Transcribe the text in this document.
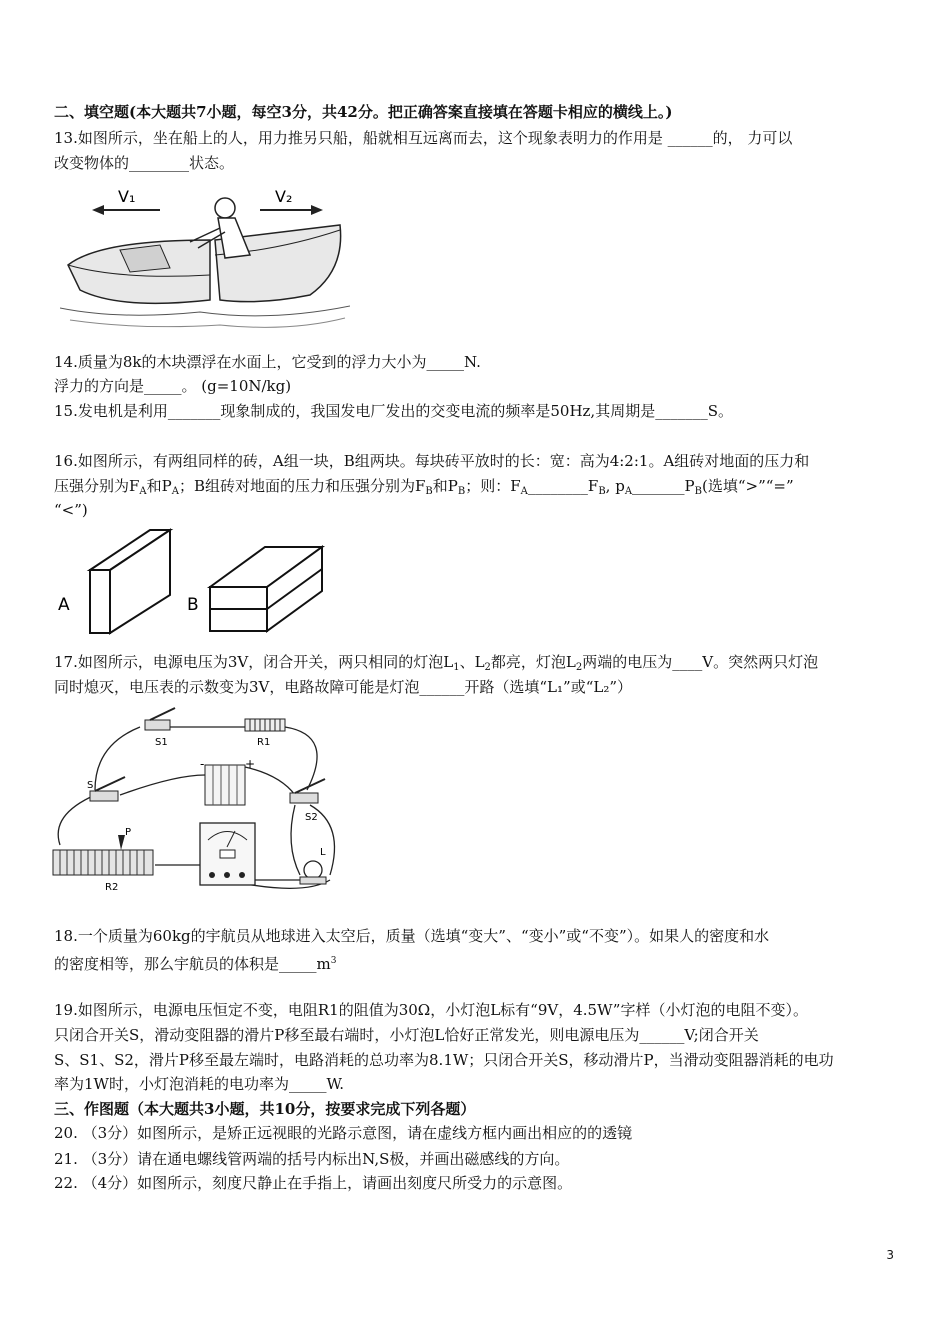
二、填空题(本大题共7小题，每空3分，共42分。把正确答案直接填在答题卡相应的横线上。)
13.如图所示，坐在船上的人，用力推另只船，船就相互远离而去，这个现象表明力的作用是 ______的， 力可以
改变物体的________状态。
V₁	V₂
14.质量为8k的木块漂浮在水面上，它受到的浮力大小为_____N.
浮力的方向是_____。 (g=10N/kg)
15.发电机是利用_______现象制成的，我国发电厂发出的交变电流的频率是50Hz,其周期是_______S。
16.如图所示，有两组同样的砖，A组一块，B组两块。每块砖平放时的长：宽：高为4:2:1。A组砖对地面的压力和
压强分别为$F_A$和$P_A$；B组砖对地面的压力和压强分别为$F_B$和$P_B$；则：$F_A\_\_\_\_\_\_\_\_F_B$, $p_A\_\_\_\_\_\_\_P_B$(选填“>”“=”
“<”)
A	B
17.如图所示，电源电压为3V，闭合开关，两只相同的灯泡$L_1$、$L_2$都亮，灯泡$L_2$两端的电压为____V。突然两只灯泡
同时熄灭，电压表的示数变为3V，电路故障可能是灯泡______开路（选填“L₁”或“L₂”）
S1	R1
-	+
S
S2
P
R2
L
18.一个质量为60kg的宇航员从地球进入太空后，质量（选填“变大”、“变小”或“不变”）。如果人的密度和水
的密度相等，那么宇航员的体积是$\_\_\_\_\_m^3$
19.如图所示，电源电压恒定不变，电阻R1的阻值为30Ω，小灯泡L标有“9V，4.5W”字样（小灯泡的电阻不变）。
只闭合开关S，滑动变阻器的滑片P移至最右端时，小灯泡L恰好正常发光，则电源电压为______V;闭合开关
S、S1、S2，滑片P移至最左端时，电路消耗的总功率为8.1W；只闭合开关S，移动滑片P，当滑动变阻器消耗的电功
率为1W时，小灯泡消耗的电功率为_____W.
三、作图题（本大题共3小题，共10分，按要求完成下列各题）
20. （3分）如图所示，是矫正远视眼的光路示意图，请在虚线方框内画出相应的的透镜
21. （3分）请在通电螺线管两端的括号内标出N,S极，并画出磁感线的方向。
22. （4分）如图所示，刻度尺静止在手指上，请画出刻度尺所受力的示意图。
3
